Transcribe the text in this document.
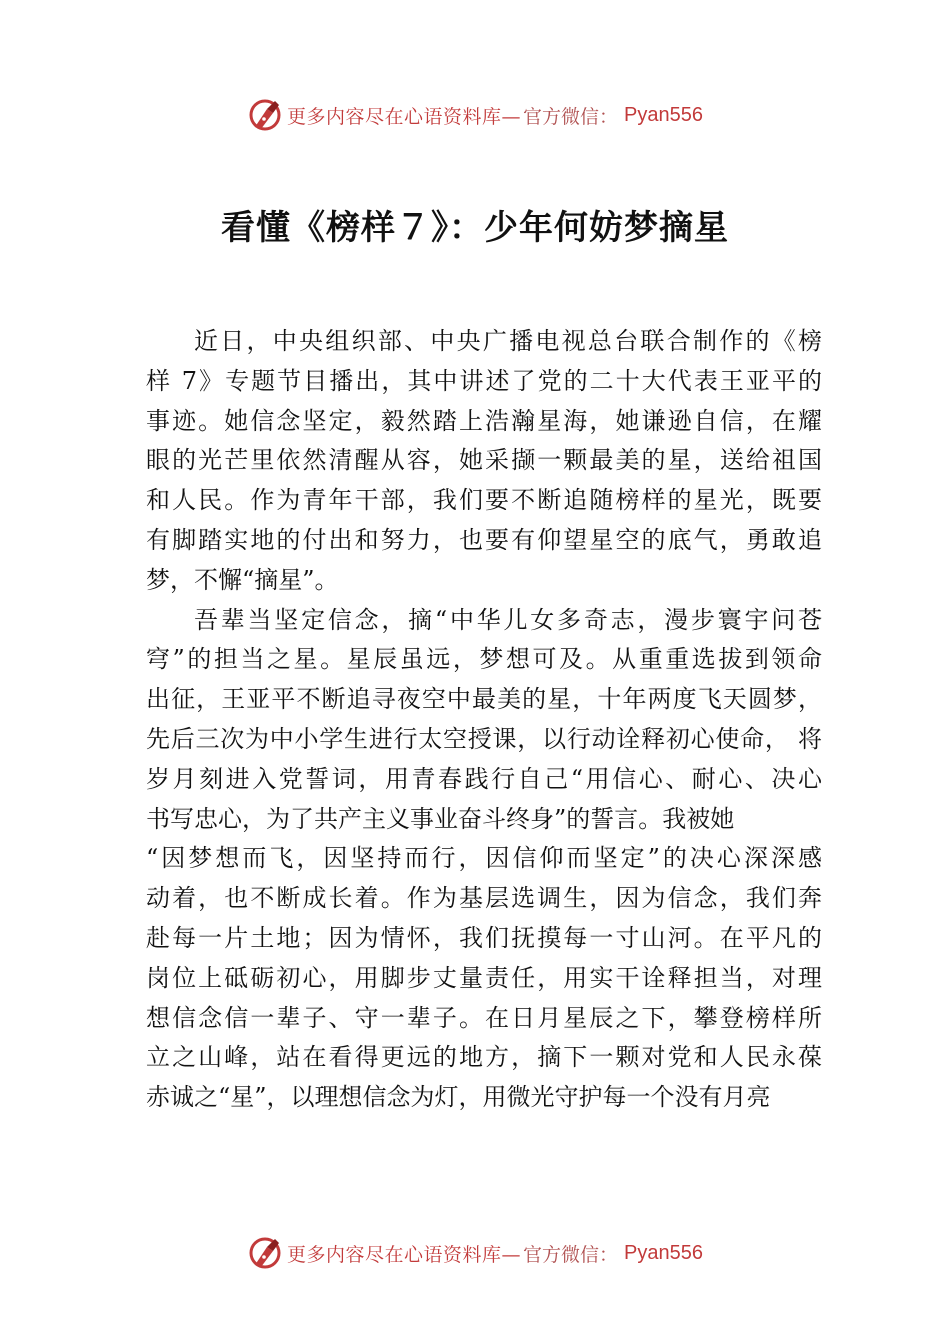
更多内容尽在心语资料库— 官方微信： Pyan556
看懂《榜样７》：少年何妨梦摘星
近日，中央组织部、中央广播电视总台联合制作的《榜
样 7》专题节目播出，其中讲述了党的二十大代表王亚平的
事迹。她信念坚定，毅然踏上浩瀚星海，她谦逊自信，在耀
眼的光芒里依然清醒从容，她采撷一颗最美的星，送给祖国
和人民。作为青年干部，我们要不断追随榜样的星光，既要
有脚踏实地的付出和努力，也要有仰望星空的底气，勇敢追
梦，不懈“摘星”。
吾辈当坚定信念，摘“中华儿女多奇志，漫步寰宇问苍
穹”的担当之星。星辰虽远，梦想可及。从重重选拔到领命
出征，王亚平不断追寻夜空中最美的星，十年两度飞天圆梦，
先后三次为中小学生进行太空授课，以行动诠释初心使命， 将
岁月刻进入党誓词，用青春践行自己“用信心、耐心、决心
书写忠心，为了共产主义事业奋斗终身”的誓言。我被她
“因梦想而飞，因坚持而行，因信仰而坚定”的决心深深感
动着，也不断成长着。作为基层选调生，因为信念，我们奔
赴每一片土地；因为情怀，我们抚摸每一寸山河。在平凡的
岗位上砥砺初心，用脚步丈量责任，用实干诠释担当，对理
想信念信一辈子、守一辈子。在日月星辰之下，攀登榜样所
立之山峰，站在看得更远的地方，摘下一颗对党和人民永葆
赤诚之“星”，以理想信念为灯，用微光守护每一个没有月亮
更多内容尽在心语资料库— 官方微信： Pyan556
